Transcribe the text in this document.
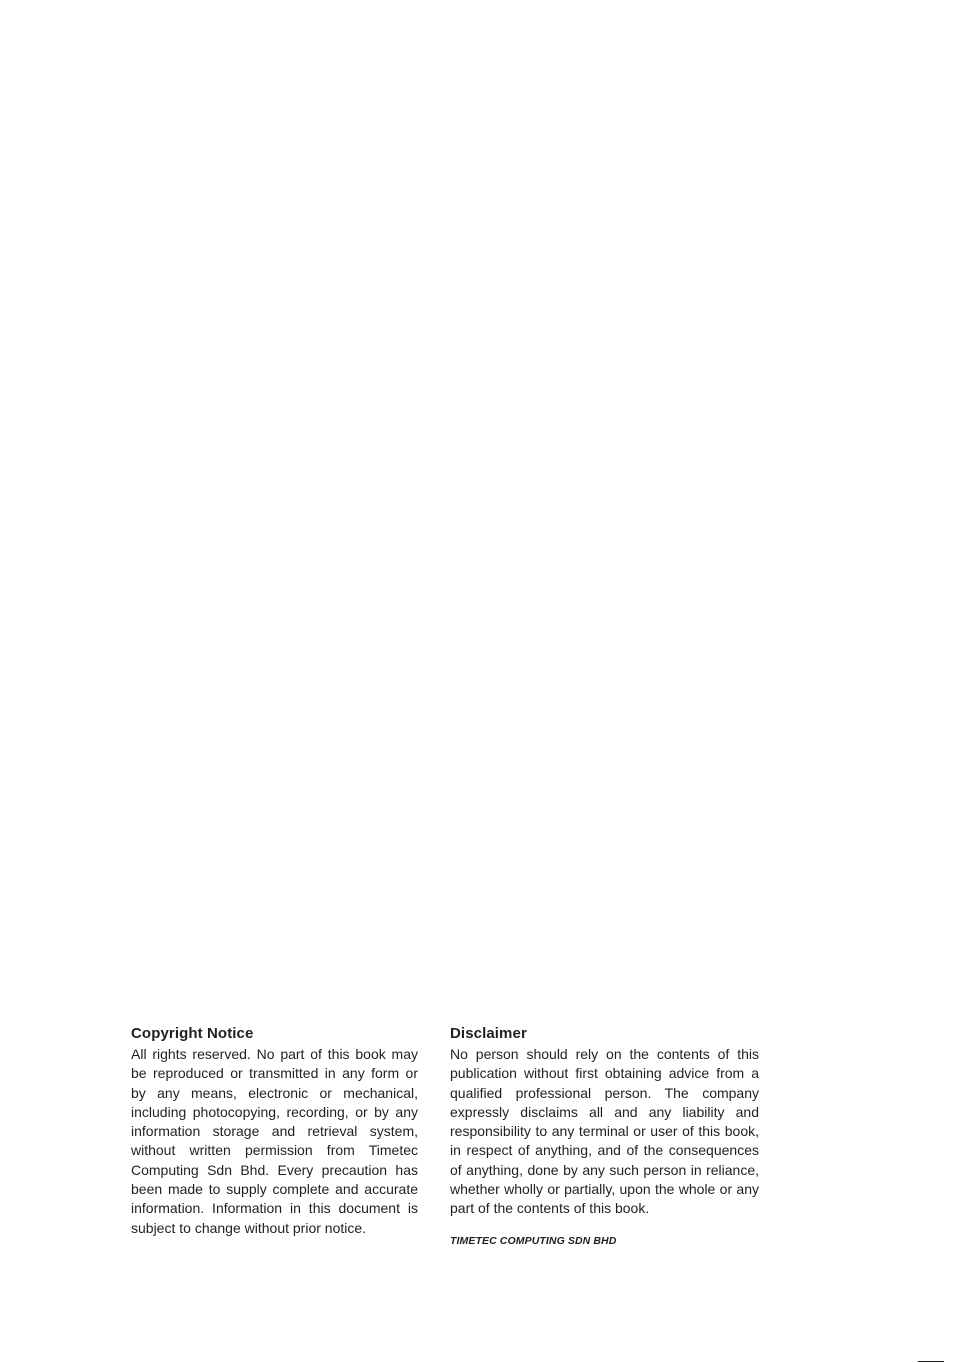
Copyright Notice

All rights reserved. No part of this book may be reproduced or transmitted in any form or by any means, electronic or mechanical, including photocopying, recording, or by any information storage and retrieval system, without written permission from Timetec Computing Sdn Bhd. Every precaution has been made to supply complete and accurate information. Information in this document is subject to change without prior notice.

Disclaimer

No person should rely on the contents of this publication without first obtaining advice from a qualified professional person. The company expressly disclaims all and any liability and responsibility to any terminal or user of this book, in respect of anything, and of the consequences of anything, done by any such person in reliance, whether wholly or partially, upon the whole or any part of the contents of this book.

TIMETEC COMPUTING SDN BHD
